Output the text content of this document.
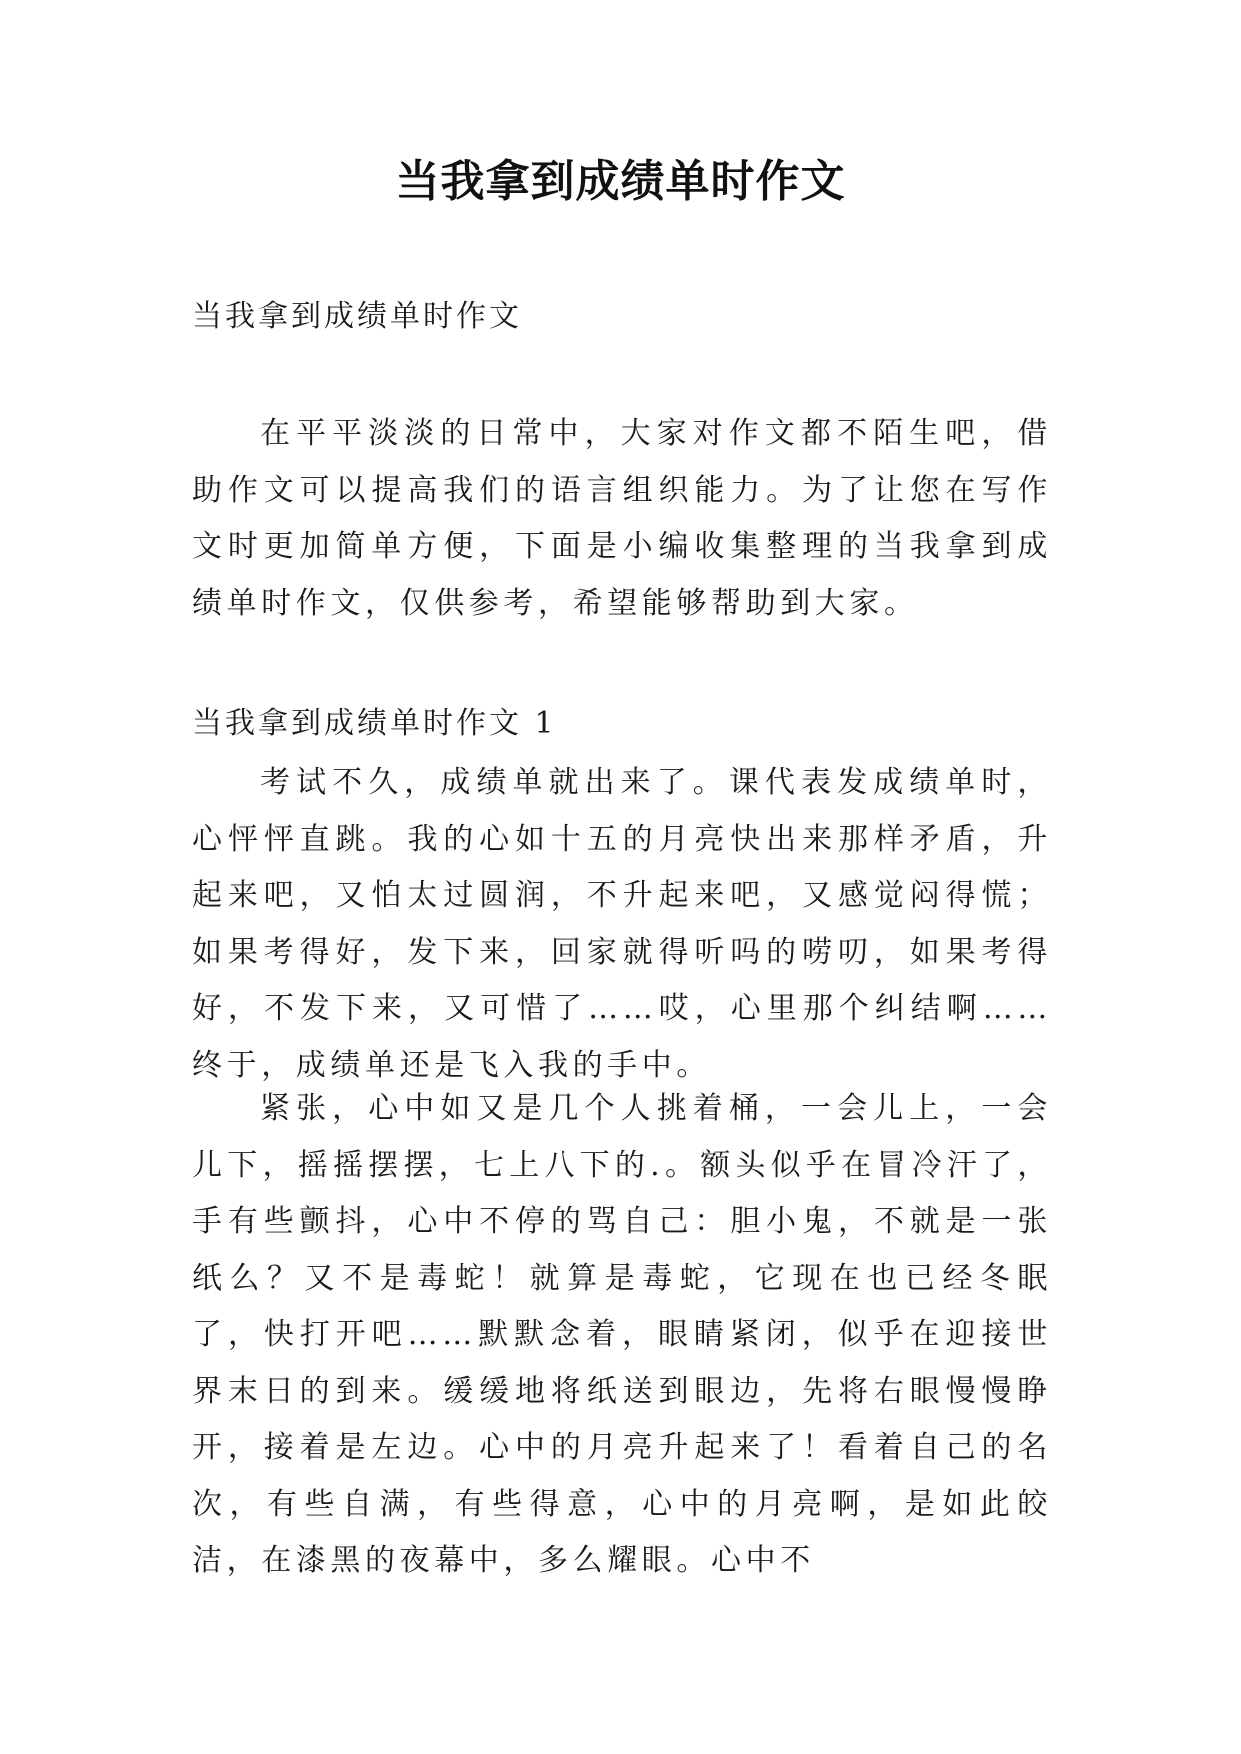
当我拿到成绩单时作文

当我拿到成绩单时作文

在平平淡淡的日常中，大家对作文都不陌生吧，借助作文可以提高我们的语言组织能力。为了让您在写作文时更加简单方便，下面是小编收集整理的当我拿到成绩单时作文，仅供参考，希望能够帮助到大家。

当我拿到成绩单时作文 1

考试不久，成绩单就出来了。课代表发成绩单时，心怦怦直跳。我的心如十五的月亮快出来那样矛盾，升起来吧，又怕太过圆润，不升起来吧，又感觉闷得慌；如果考得好，发下来，回家就得听吗的唠叨，如果考得好，不发下来，又可惜了……哎，心里那个纠结啊……终于，成绩单还是飞入我的手中。

紧张，心中如又是几个人挑着桶，一会儿上，一会儿下，摇摇摆摆，七上八下的.。额头似乎在冒冷汗了，手有些颤抖，心中不停的骂自己：胆小鬼，不就是一张纸么？又不是毒蛇！就算是毒蛇，它现在也已经冬眠了，快打开吧……默默念着，眼睛紧闭，似乎在迎接世界末日的到来。缓缓地将纸送到眼边，先将右眼慢慢睁开，接着是左边。心中的月亮升起来了！看着自己的名次，有些自满，有些得意，心中的月亮啊，是如此皎洁，在漆黑的夜幕中，多么耀眼。心中不
